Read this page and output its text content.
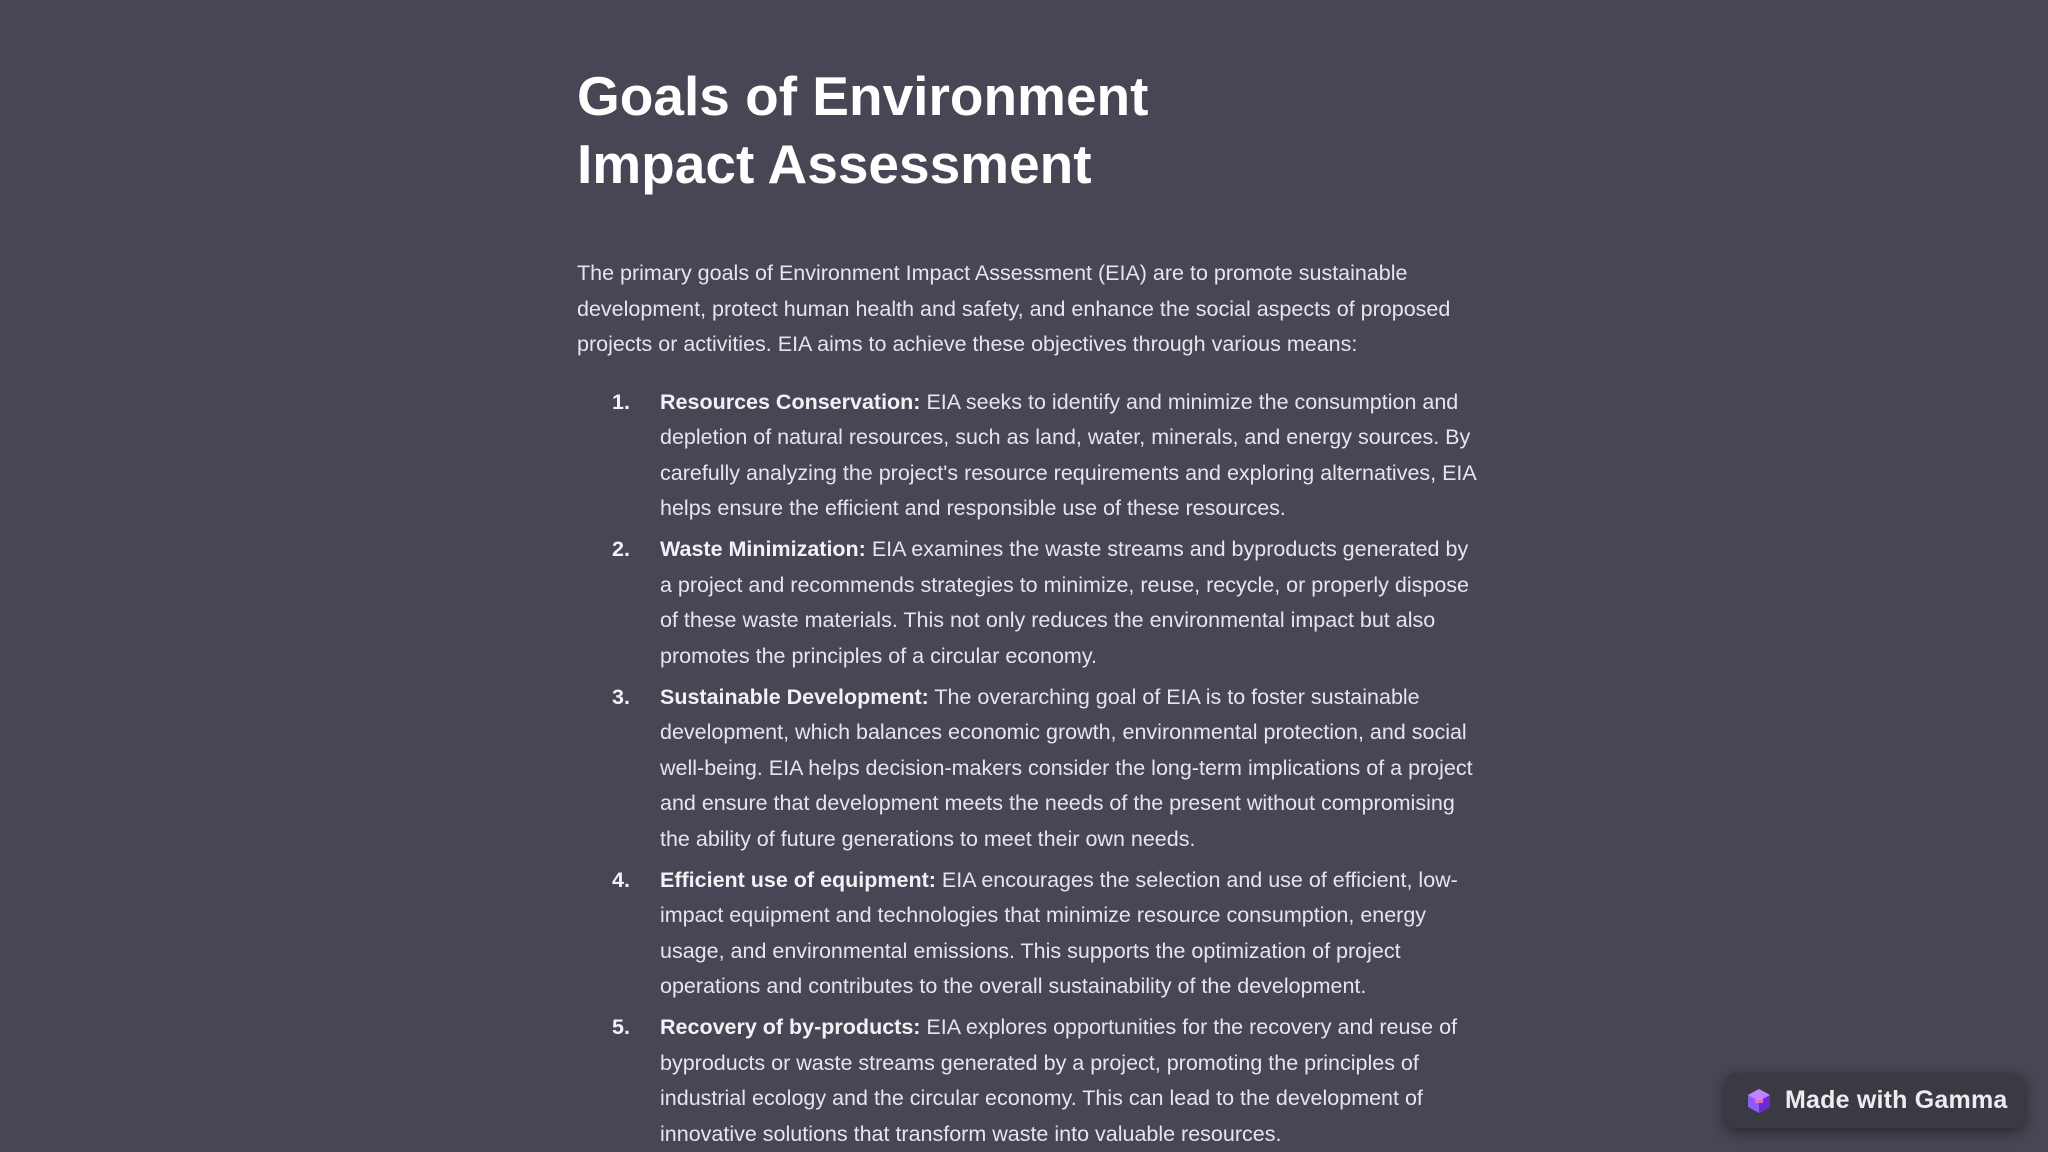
Goals of Environment Impact Assessment

The primary goals of Environment Impact Assessment (EIA) are to promote sustainable development, protect human health and safety, and enhance the social aspects of proposed projects or activities. EIA aims to achieve these objectives through various means:

1. Resources Conservation: EIA seeks to identify and minimize the consumption and depletion of natural resources, such as land, water, minerals, and energy sources. By carefully analyzing the project's resource requirements and exploring alternatives, EIA helps ensure the efficient and responsible use of these resources.
2. Waste Minimization: EIA examines the waste streams and byproducts generated by a project and recommends strategies to minimize, reuse, recycle, or properly dispose of these waste materials. This not only reduces the environmental impact but also promotes the principles of a circular economy.
3. Sustainable Development: The overarching goal of EIA is to foster sustainable development, which balances economic growth, environmental protection, and social well-being. EIA helps decision-makers consider the long-term implications of a project and ensure that development meets the needs of the present without compromising the ability of future generations to meet their own needs.
4. Efficient use of equipment: EIA encourages the selection and use of efficient, low-impact equipment and technologies that minimize resource consumption, energy usage, and environmental emissions. This supports the optimization of project operations and contributes to the overall sustainability of the development.
5. Recovery of by-products: EIA explores opportunities for the recovery and reuse of byproducts or waste streams generated by a project, promoting the principles of industrial ecology and the circular economy. This can lead to the development of innovative solutions that transform waste into valuable resources.
Made with Gamma
